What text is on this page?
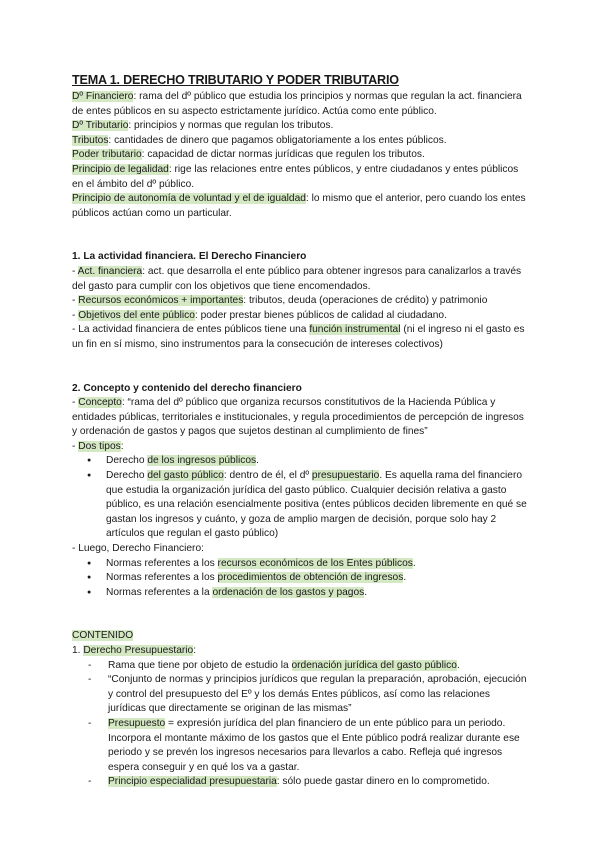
TEMA 1. DERECHO TRIBUTARIO Y PODER TRIBUTARIO

Dº Financiero: rama del dº público que estudia los principios y normas que regulan la act. financiera de entes públicos en su aspecto estrictamente jurídico. Actúa como ente público.

Dº Tributario: principios y normas que regulan los tributos.

Tributos: cantidades de dinero que pagamos obligatoriamente a los entes públicos.

Poder tributario: capacidad de dictar normas jurídicas que regulen los tributos.

Principio de legalidad: rige las relaciones entre entes públicos, y entre ciudadanos y entes públicos en el ámbito del dº público.

Principio de autonomía de voluntad y el de igualdad: lo mismo que el anterior, pero cuando los entes públicos actúan como un particular.

1. La actividad financiera. El Derecho Financiero

- Act. financiera: act. que desarrolla el ente público para obtener ingresos para canalizarlos a través del gasto para cumplir con los objetivos que tiene encomendados.

- Recursos económicos + importantes: tributos, deuda (operaciones de crédito) y patrimonio

- Objetivos del ente público: poder prestar bienes públicos de calidad al ciudadano.

- La actividad financiera de entes públicos tiene una función instrumental (ni el ingreso ni el gasto es un fin en sí mismo, sino instrumentos para la consecución de intereses colectivos)

2. Concepto y contenido del derecho financiero

- Concepto: “rama del dº público que organiza recursos constitutivos de la Hacienda Pública y entidades públicas, territoriales e institucionales, y regula procedimientos de percepción de ingresos y ordenación de gastos y pagos que sujetos destinan al cumplimiento de fines”

- Dos tipos:

● Derecho de los ingresos públicos.
● Derecho del gasto público: dentro de él, el dº presupuestario. Es aquella rama del financiero que estudia la organización jurídica del gasto público. Cualquier decisión relativa a gasto público, es una relación esencialmente positiva (entes públicos deciden libremente en qué se gastan los ingresos y cuánto, y goza de amplio margen de decisión, porque solo hay 2 artículos que regulan el gasto público)

- Luego, Derecho Financiero:

● Normas referentes a los recursos económicos de los Entes públicos.
● Normas referentes a los procedimientos de obtención de ingresos.
● Normas referentes a la ordenación de los gastos y pagos.

CONTENIDO

1. Derecho Presupuestario:

- Rama que tiene por objeto de estudio la ordenación jurídica del gasto público.
- “Conjunto de normas y principios jurídicos que regulan la preparación, aprobación, ejecución y control del presupuesto del Eº y los demás Entes públicos, así como las relaciones jurídicas que directamente se originan de las mismas”
- Presupuesto = expresión jurídica del plan financiero de un ente público para un periodo. Incorpora el montante máximo de los gastos que el Ente público podrá realizar durante ese periodo y se prevén los ingresos necesarios para llevarlos a cabo. Refleja qué ingresos espera conseguir y en qué los va a gastar.
- Principio especialidad presupuestaria: sólo puede gastar dinero en lo comprometido.
